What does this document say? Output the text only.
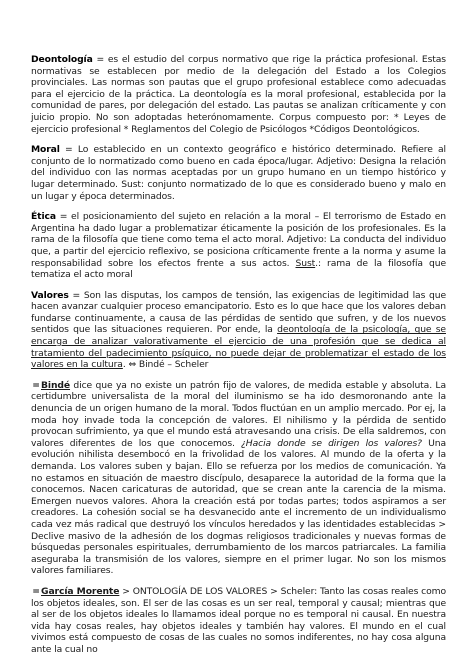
Deontología = es el estudio del corpus normativo que rige la práctica profesional. Estas normativas se establecen por medio de la delegación del Estado a los Colegios provinciales. Las normas son pautas que el grupo profesional establece como adecuadas para el ejercicio de la práctica. La deontología es la moral profesional, establecida por la comunidad de pares, por delegación del estado. Las pautas se analizan críticamente y con juicio propio. No son adoptadas heterónomamente. Corpus compuesto por: * Leyes de ejercicio profesional * Reglamentos del Colegio de Psicólogos *Códigos Deontológicos.

Moral = Lo establecido en un contexto geográfico e histórico determinado. Refiere al conjunto de lo normatizado como bueno en cada época/lugar. Adjetivo: Designa la relación del individuo con las normas aceptadas por un grupo humano en un tiempo histórico y lugar determinado. Sust: conjunto normatizado de lo que es considerado bueno y malo en un lugar y época determinados.

Ética = el posicionamiento del sujeto en relación a la moral – El terrorismo de Estado en Argentina ha dado lugar a problematizar éticamente la posición de los profesionales. Es la rama de la filosofía que tiene como tema el acto moral. Adjetivo: La conducta del individuo que, a partir del ejercicio reflexivo, se posiciona críticamente frente a la norma y asume la responsabilidad sobre los efectos frente a sus actos. Sust.: rama de la filosofía que tematiza el acto moral

Valores = Son las disputas, los campos de tensión, las exigencias de legitimidad las que hacen avanzar cualquier proceso emancipatorio. Esto es lo que hace que los valores deban fundarse continuamente, a causa de las pérdidas de sentido que sufren, y de los nuevos sentidos que las situaciones requieren. Por ende, la deontología de la psicología, que se encarga de analizar valorativamente el ejercicio de una profesión que se dedica al tratamiento del padecimiento psíquico, no puede dejar de problematizar el estado de los valores en la cultura. ⇔ Bindé – Scheler

=Bindé dice que ya no existe un patrón fijo de valores, de medida estable y absoluta. La certidumbre universalista de la moral del iluminismo se ha ido desmoronando ante la denuncia de un origen humano de la moral. Todos fluctúan en un amplio mercado. Por ej, la moda hoy invade toda la concepción de valores. El nihilismo y la pérdida de sentido provocan sufrimiento, ya que el mundo está atravesando una crisis. De ella saldremos, con valores diferentes de los que conocemos. ¿Hacia donde se dirigen los valores? Una evolución nihilista desembocó en la frivolidad de los valores. Al mundo de la oferta y la demanda. Los valores suben y bajan. Ello se refuerza por los medios de comunicación. Ya no estamos en situación de maestro discípulo, desaparece la autoridad de la forma que la conocemos. Nacen caricaturas de autoridad, que se crean ante la carencia de la misma. Emergen nuevos valores. Ahora la creación está por todas partes; todos aspiramos a ser creadores. La cohesión social se ha desvanecido ante el incremento de un individualismo cada vez más radical que destruyó los vínculos heredados y las identidades establecidas > Declive masivo de la adhesión de los dogmas religiosos tradicionales y nuevas formas de búsquedas personales espirituales, derrumbamiento de los marcos patriarcales. La familia aseguraba la transmisión de los valores, siempre en el primer lugar. No son los mismos valores familiares.

=García Morente > ONTOLOGÍA DE LOS VALORES > Scheler: Tanto las cosas reales como los objetos ideales, son. El ser de las cosas es un ser real, temporal y causal; mientras que al ser de los objetos ideales lo llamamos ideal porque no es temporal ni causal. En nuestra vida hay cosas reales, hay objetos ideales y también hay valores. El mundo en el cual vivimos está compuesto de cosas de las cuales no somos indiferentes, no hay cosa alguna ante la cual no
